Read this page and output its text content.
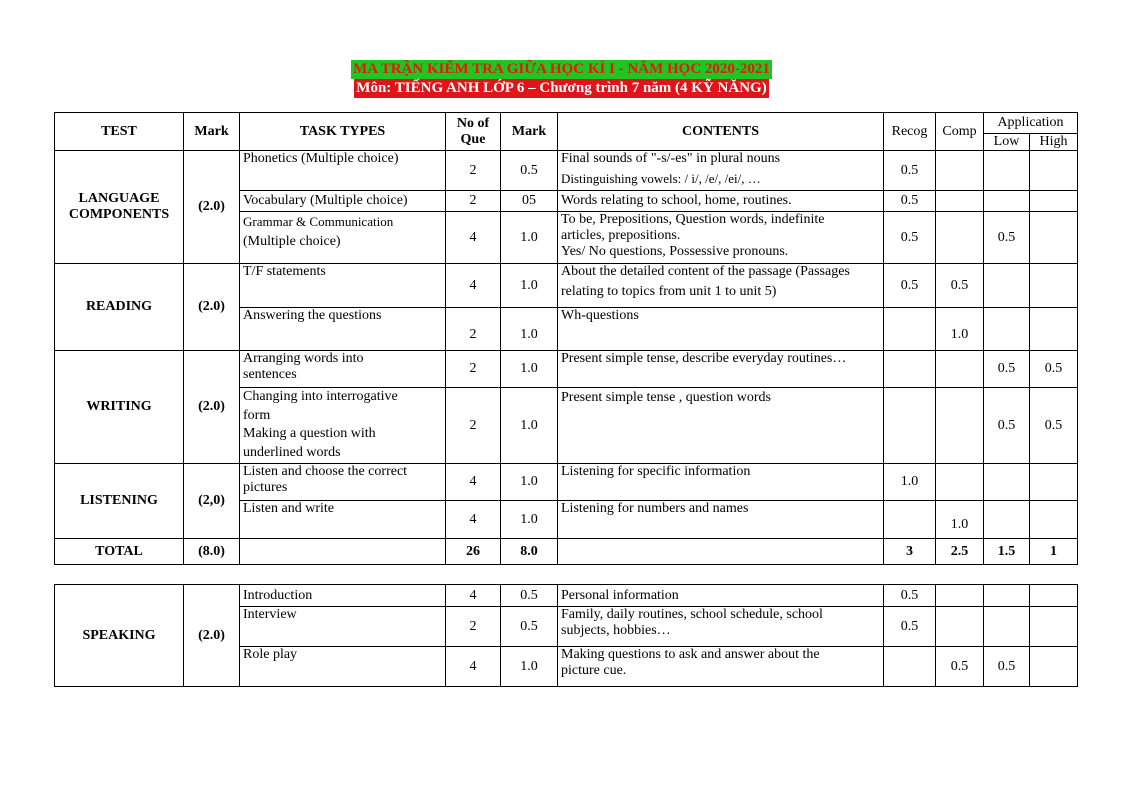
MA TRẬN KIỂM TRA GIỮA HỌC KÌ I - NĂM HỌC 2020-2021
Môn: TIẾNG ANH LỚP 6 – Chương trình 7 năm (4 KỸ NĂNG)
TEST	Mark	TASK TYPES	No of
Que	Mark	CONTENTS	Recog	Comp	Application	
								Low	High

LANGUAGE
COMPONENTS	(2.0)	Phonetics (Multiple choice)	2	0.5	Final sounds of "-s/-es" in plural nouns
Distinguishing vowels: / i/, /e/, /ei/, …	0.5			
		Vocabulary (Multiple choice)	2	05	Words relating to school, home, routines.	0.5			

		Grammar & Communication
(Multiple choice)	4	1.0	To be, Prepositions, Question words, indefinite
articles, prepositions.
Yes/ No questions, Possessive pronouns.	0.5		0.5	
READING	(2.0)	T/F statements	4	1.0	About the detailed content of the passage (Passages
relating to topics from unit 1 to unit 5)	0.5	0.5		
		Answering the questions	2	1.0	Wh-questions		1.0		
WRITING	(2.0)	Arranging words into
sentences	2	1.0	Present simple tense, describe everyday routines…			0.5	0.5

		Changing into interrogative
form
Making a question with
underlined words	2	1.0	Present simple tense , question words			0.5	0.5
LISTENING	(2,0)	Listen and choose the correct
pictures	4	1.0	Listening for specific information	1.0			
		Listen and write	4	1.0	Listening for numbers and names		1.0		
TOTAL	(8.0)		26	8.0		3	2.5	1.5	1
SPEAKING	(2.0)	Introduction	4	0.5	Personal information	0.5			
		Interview	2	0.5	Family, daily routines, school schedule, school
subjects, hobbies…	0.5			
		Role play	4	1.0	Making questions to ask and answer about the
picture cue.		0.5	0.5	
